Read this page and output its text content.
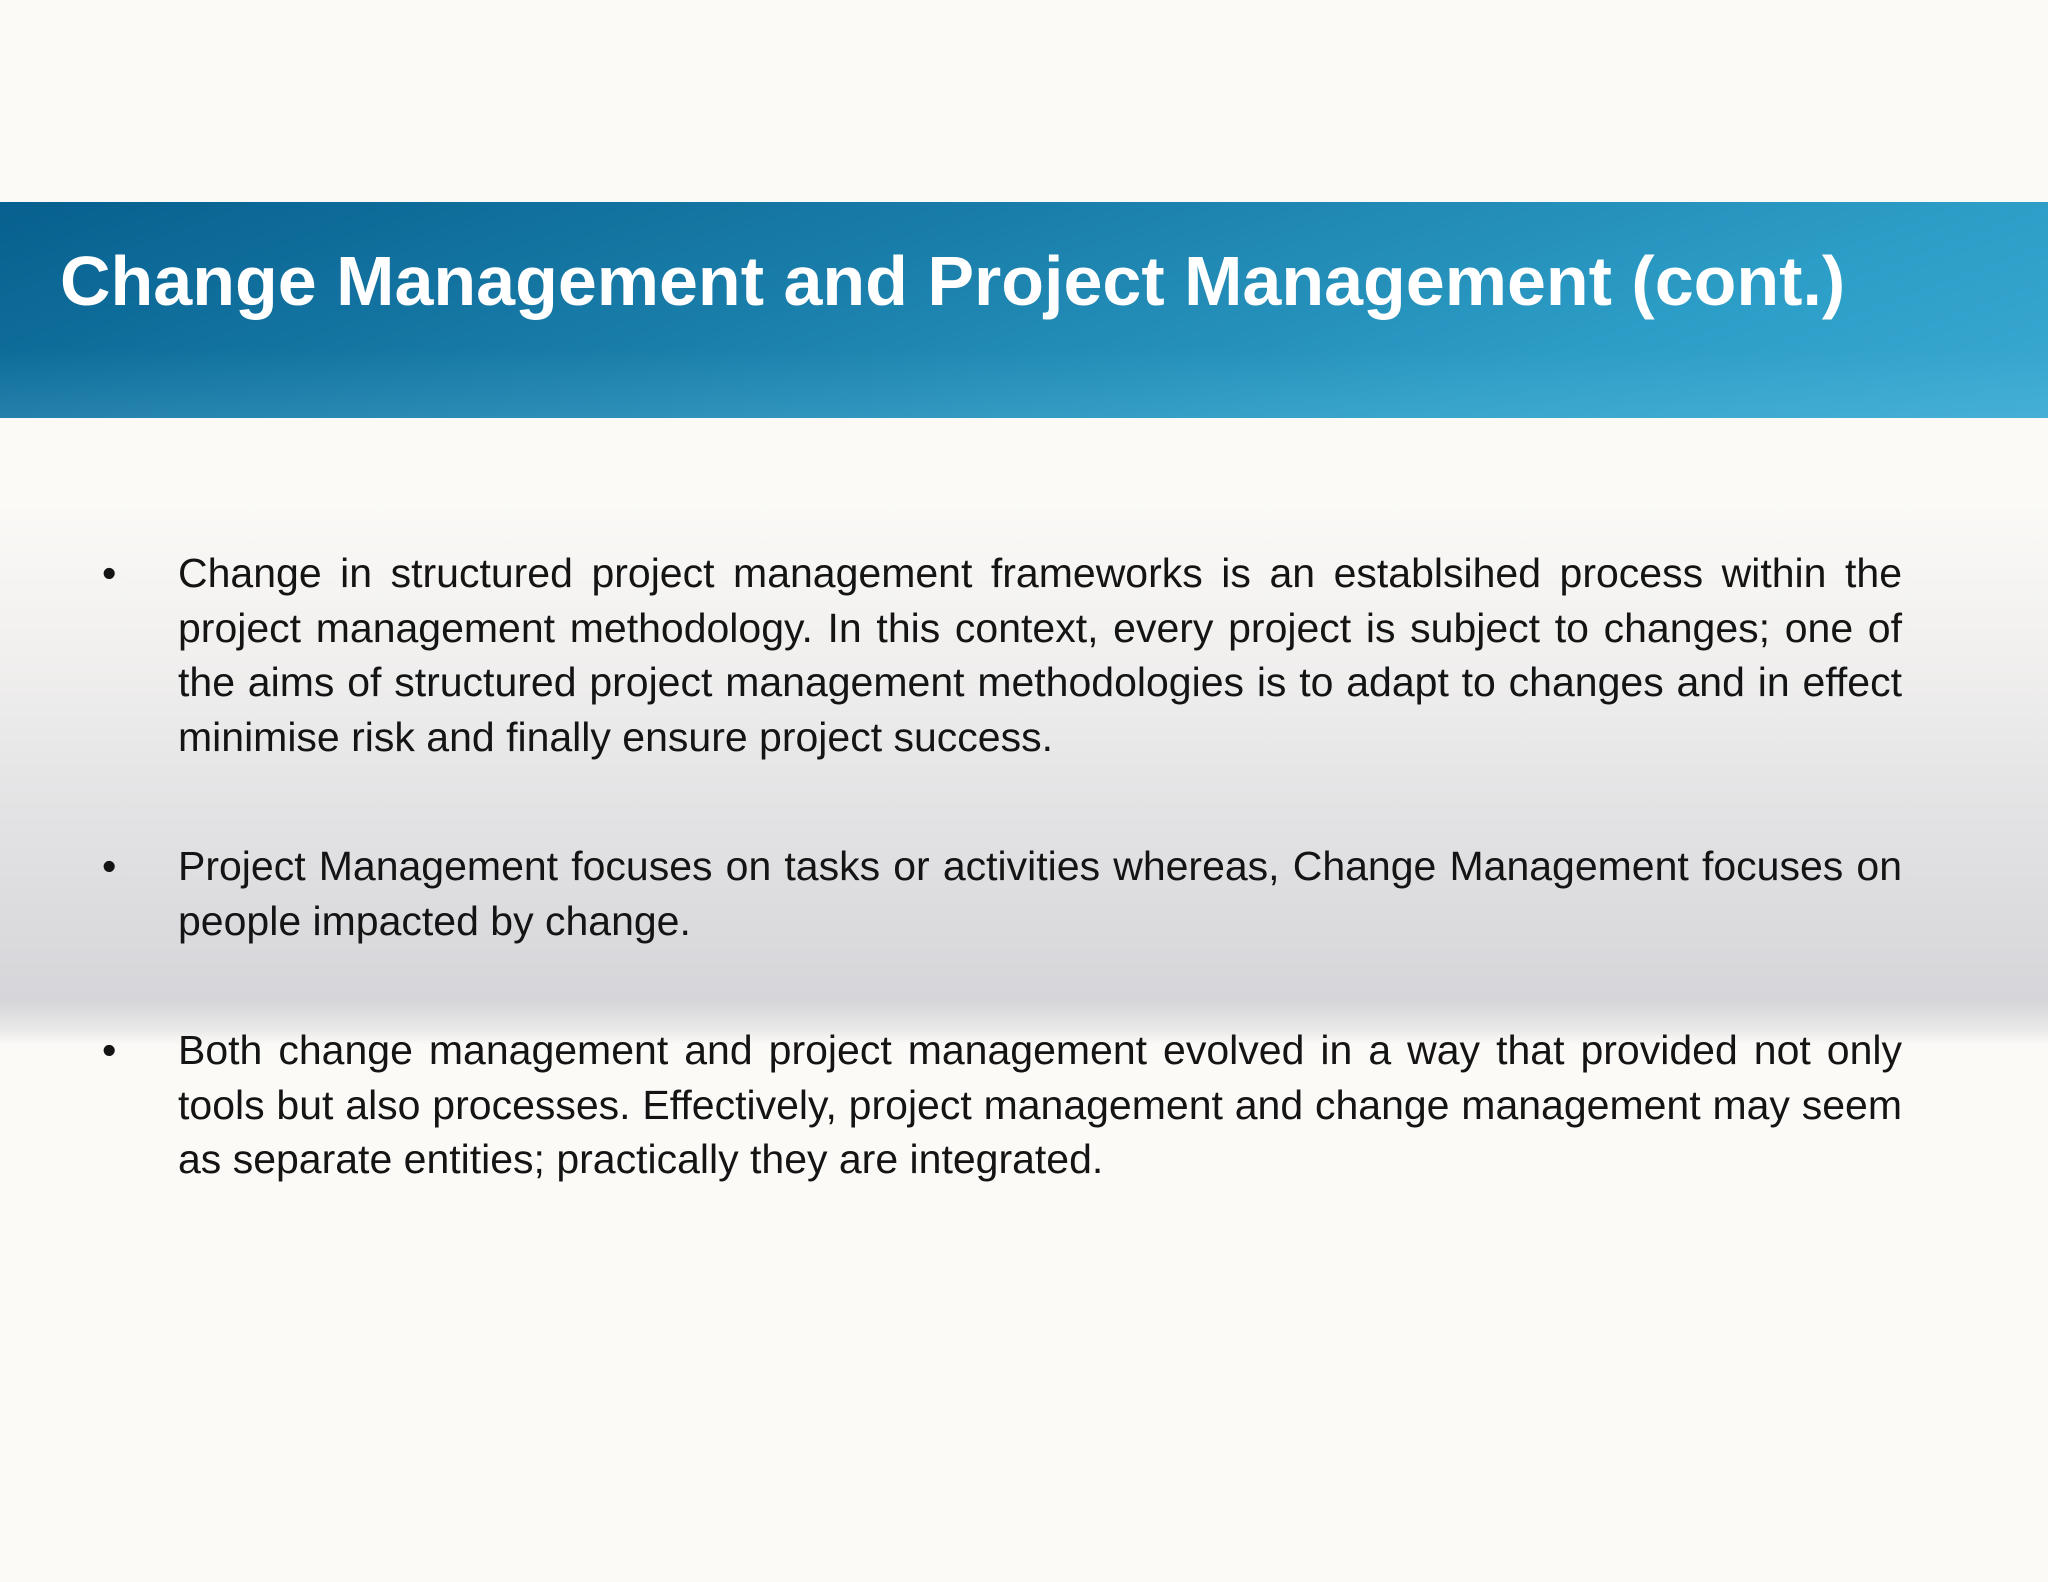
Change Management and Project Management (cont.)
• Change in structured project management frameworks is an establsihed process within the project management methodology. In this context, every project is subject to changes; one of the aims of structured project management methodologies is to adapt to changes and in effect minimise risk and finally ensure project success.
• Project Management focuses on tasks or activities whereas, Change Management focuses on people impacted by change.
• Both change management and project management evolved in a way that provided not only tools but also processes. Effectively, project management and change management may seem as separate entities; practically they are integrated.
